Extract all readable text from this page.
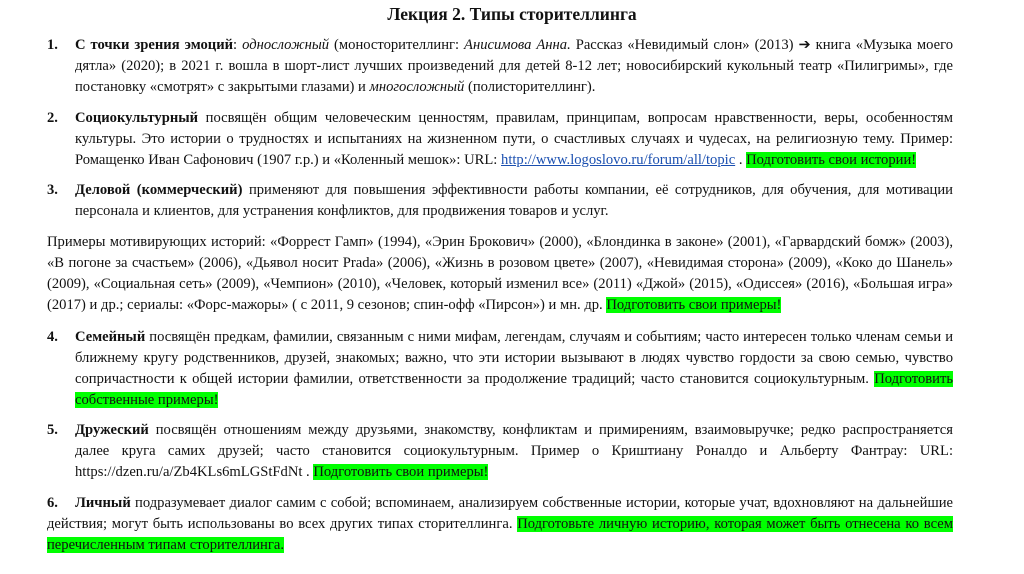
Лекция 2. Типы сторителлинга
1.	С точки зрения эмоций: односложный (моносторителлинг: Анисимова Анна. Рассказ «Невидимый слон» (2013) ➔ книга «Музыка моего дятла» (2020); в 2021 г. вошла в шорт-лист лучших произведений для детей 8-12 лет; новосибирский кукольный театр «Пилигримы», где постановку «смотрят» с закрытыми глазами) и многосложный (полисторителлинг).
2.	Социокультурный посвящён общим человеческим ценностям, правилам, принципам, вопросам нравственности, веры, особенностям культуры. Это истории о трудностях и испытаниях на жизненном пути, о счастливых случаях и чудесах, на религиозную тему. Пример: Ромащенко Иван Сафонович (1907 г.р.) и «Коленный мешок»: URL: http://www.logoslovo.ru/forum/all/topic . Подготовить свои истории!
3.	Деловой (коммерческий) применяют для повышения эффективности работы компании, её сотрудников, для обучения, для мотивации персонала и клиентов, для устранения конфликтов, для продвижения товаров и услуг.
Примеры мотивирующих историй: «Форрест Гамп» (1994), «Эрин Брокович» (2000), «Блондинка в законе» (2001), «Гарвардский бомж» (2003), «В погоне за счастьем» (2006), «Дьявол носит Prada» (2006), «Жизнь в розовом цвете» (2007), «Невидимая сторона» (2009), «Коко до Шанель» (2009), «Социальная сеть» (2009), «Чемпион» (2010), «Человек, который изменил все» (2011) «Джой» (2015), «Одиссея» (2016), «Большая игра» (2017) и др.; сериалы: «Форс-мажоры» ( с 2011, 9 сезонов; спин-офф «Пирсон») и мн. др. Подготовить свои примеры!
4.	Семейный посвящён предкам, фамилии, связанным с ними мифам, легендам, случаям и событиям; часто интересен только членам семьи и ближнему кругу родственников, друзей, знакомых; важно, что эти истории вызывают в людях чувство гордости за свою семью, чувство сопричастности к общей истории фамилии, ответственности за продолжение традиций; часто становится социокультурным. Подготовить собственные примеры!
5.	Дружеский посвящён отношениям между друзьями, знакомству, конфликтам и примирениям, взаимовыручке; редко распространяется далее круга самих друзей; часто становится социокультурным. Пример о Криштиану Роналдо и Альберту Фантрау: URL: https://dzen.ru/a/Zb4KLs6mLGStFdNt . Подготовить свои примеры!
6. Личный подразумевает диалог самим с собой; вспоминаем, анализируем собственные истории, которые учат, вдохновляют на дальнейшие действия; могут быть использованы во всех других типах сторителлинга. Подготовьте личную историю, которая может быть отнесена ко всем перечисленным типам сторителлинга.
